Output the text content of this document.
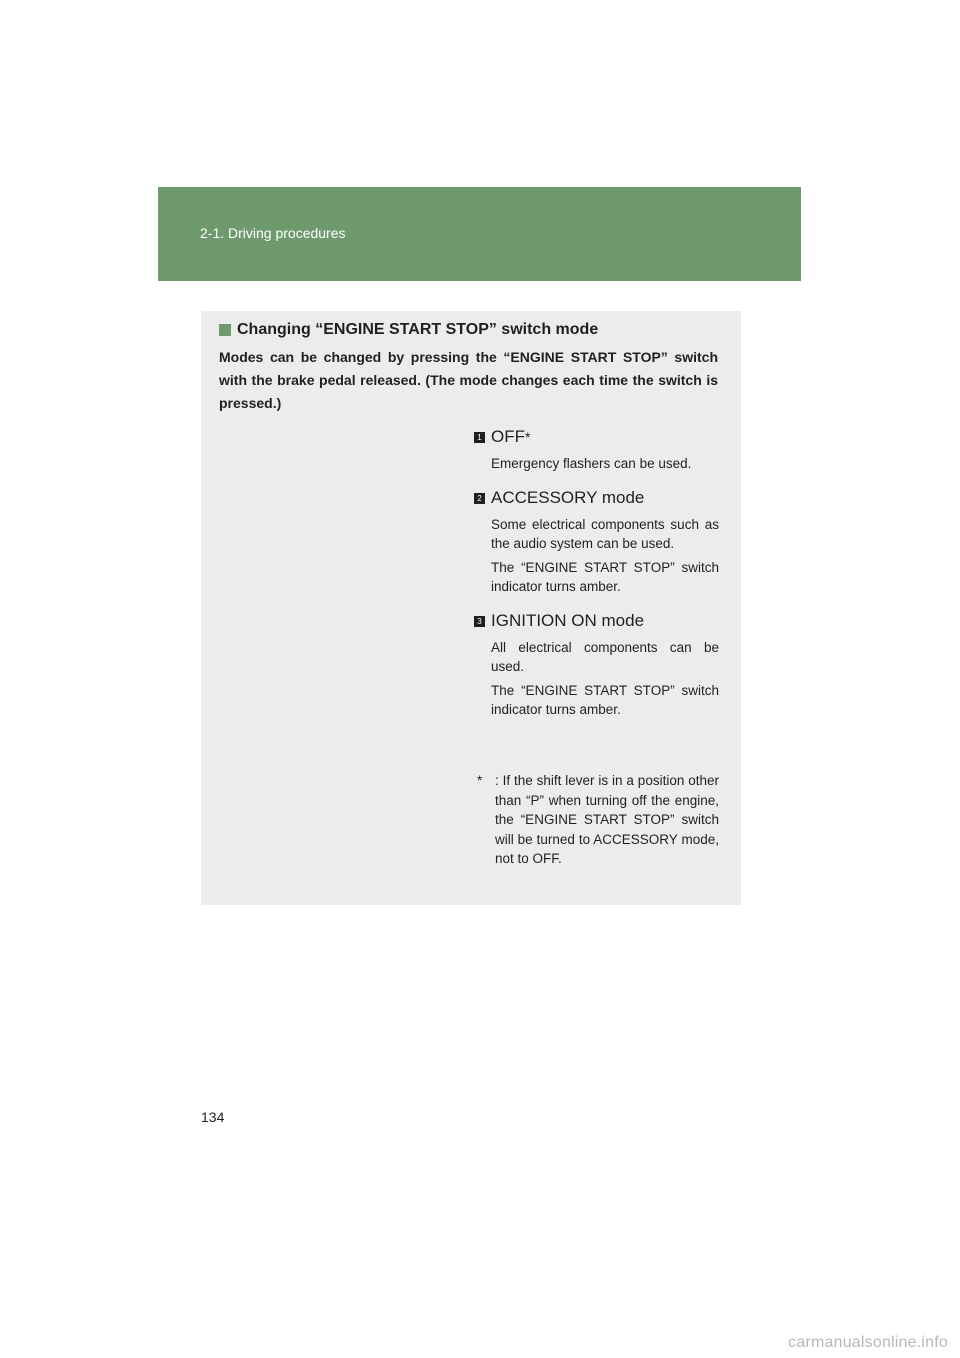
2-1. Driving procedures
Changing “ENGINE START STOP” switch mode
Modes can be changed by pressing the “ENGINE START STOP” switch with the brake pedal released. (The mode changes each time the switch is pressed.)
1 OFF *
Emergency flashers can be used.
2 ACCESSORY mode
Some electrical components such as the audio system can be used.
The “ENGINE START STOP” switch indicator turns amber.
3 IGNITION ON mode
All electrical components can be used.
The “ENGINE START STOP” switch indicator turns amber.
* : If the shift lever is in a position other than “P” when turning off the engine, the “ENGINE START STOP” switch will be turned to ACCESSORY mode, not to OFF.
134
carmanualsonline.info
